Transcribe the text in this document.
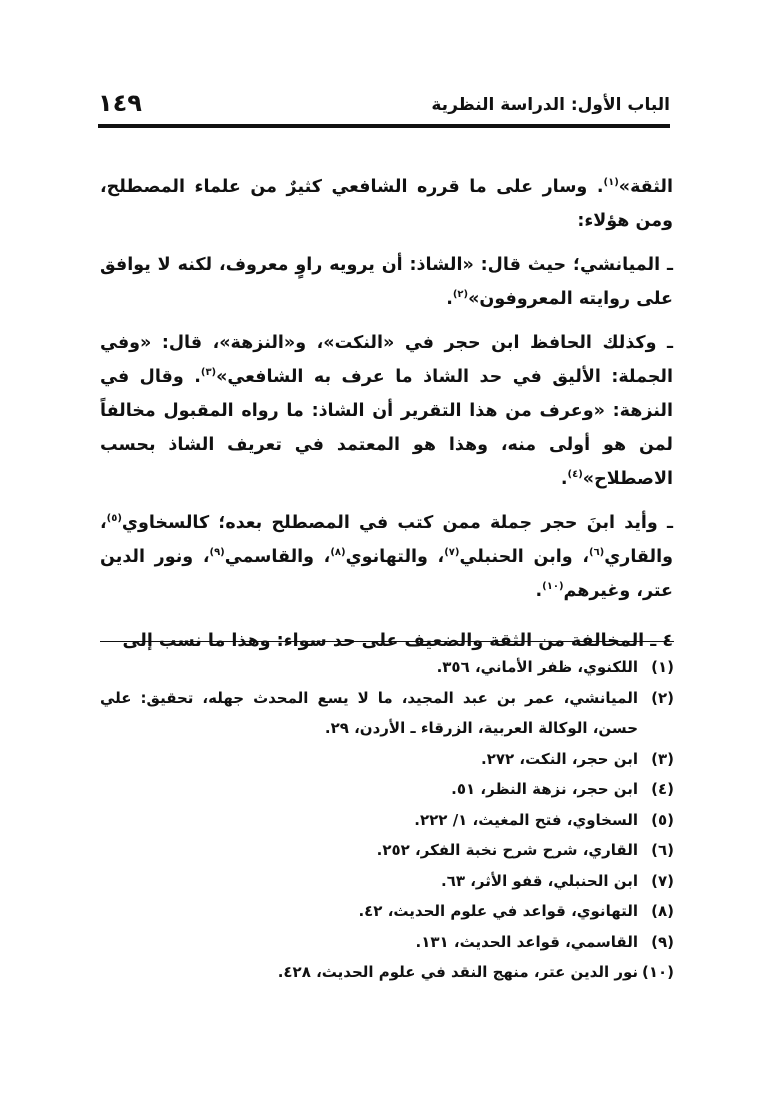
الباب الأول: الدراسة النظرية
١٤٩

الثقة»$^{(١)}$. وسار على ما قرره الشافعي كثيرٌ من علماء المصطلح، ومن هؤلاء:

ـ الميانشي؛ حيث قال: «الشاذ: أن يرويه راوٍ معروف، لكنه لا يوافق على روايته المعروفون»$^{(٢)}$.

ـ وكذلك الحافظ ابن حجر في «النكت»، و«النزهة»، قال: «وفي الجملة: الأليق في حد الشاذ ما عرف به الشافعي»$^{(٣)}$. وقال في النزهة: «وعرف من هذا التقرير أن الشاذ: ما رواه المقبول مخالفاً لمن هو أولى منه، وهذا هو المعتمد في تعريف الشاذ بحسب الاصطلاح»$^{(٤)}$.

ـ وأيد ابنَ حجر جملة ممن كتب في المصطلح بعده؛ كالسخاوي$^{(٥)}$، والقاري$^{(٦)}$، وابن الحنبلي$^{(٧)}$، والتهانوي$^{(٨)}$، والقاسمي$^{(٩)}$، ونور الدين عتر، وغيرهم$^{(١٠)}$.

٤ ـ المخالفة من الثقة والضعيف على حد سواء: وهذا ما نسب إلى

(١)
اللكنوي، ظفر الأماني، ٣٥٦.
(٢)
الميانشي، عمر بن عبد المجيد، ما لا يسع المحدث جهله، تحقيق: علي حسن، الوكالة العربية، الزرقاء ـ الأردن، ٢٩.
(٣)
ابن حجر، النكت، ٢٧٢.
(٤)
ابن حجر، نزهة النظر، ٥١.
(٥)
السخاوي، فتح المغيث، ١/ ٢٢٢.
(٦)
القاري، شرح شرح نخبة الفكر، ٢٥٢.
(٧)
ابن الحنبلي، قفو الأثر، ٦٣.
(٨)
التهانوي، قواعد في علوم الحديث، ٤٢.
(٩)
القاسمي، قواعد الحديث، ١٣١.
(١٠)
نور الدين عتر، منهج النقد في علوم الحديث، ٤٢٨.
